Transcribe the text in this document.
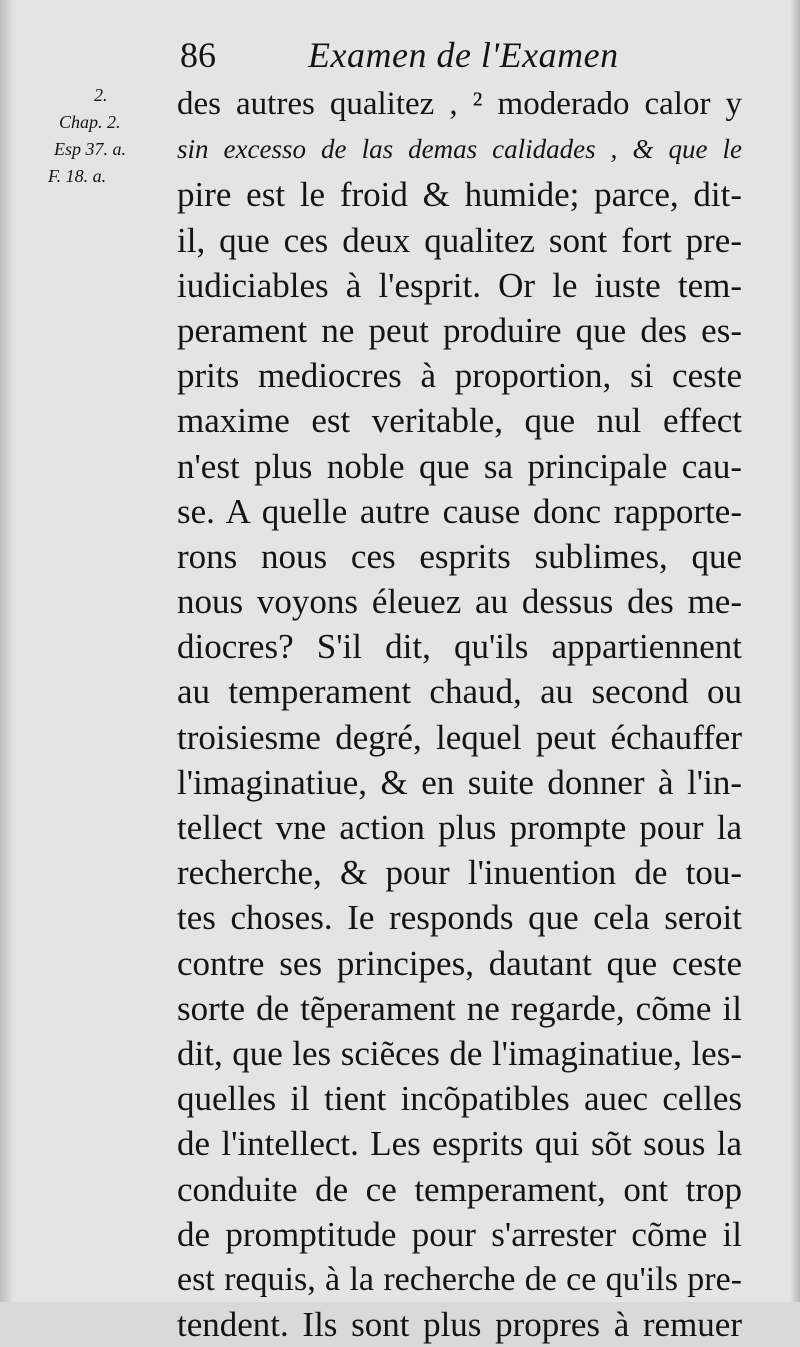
86	Examen de l'Examen
2.
Chap. 2.
Esp 37. a.
F. 18. a.
des autres qualitez , ² moderado calor y
sin excesso de las demas calidades , & que le
pire est le froid & humide; parce, dit-
il, que ces deux qualitez sont fort pre-
iudiciables à l'esprit. Or le iuste tem-
perament ne peut produire que des es-
prits mediocres à proportion, si ceste
maxime est veritable, que nul effect
n'est plus noble que sa principale cau-
se. A quelle autre cause donc rapporte-
rons nous ces esprits sublimes, que
nous voyons éleuez au dessus des me-
diocres? S'il dit, qu'ils appartiennent
au temperament chaud, au second ou
troisiesme degré, lequel peut échauffer
l'imaginatiue, & en suite donner à l'in-
tellect vne action plus prompte pour la
recherche, & pour l'inuention de tou-
tes choses. Ie responds que cela seroit
contre ses principes, dautant que ceste
sorte de tẽperament ne regarde, cõme il
dit, que les sciẽces de l'imaginatiue, les-
quelles il tient incõpatibles auec celles
de l'intellect. Les esprits qui sõt sous la
conduite de ce temperament, ont trop
de promptitude pour s'arrester cõme il
est requis, à la recherche de ce qu'ils pre-
tendent. Ils sont plus propres à remuer
